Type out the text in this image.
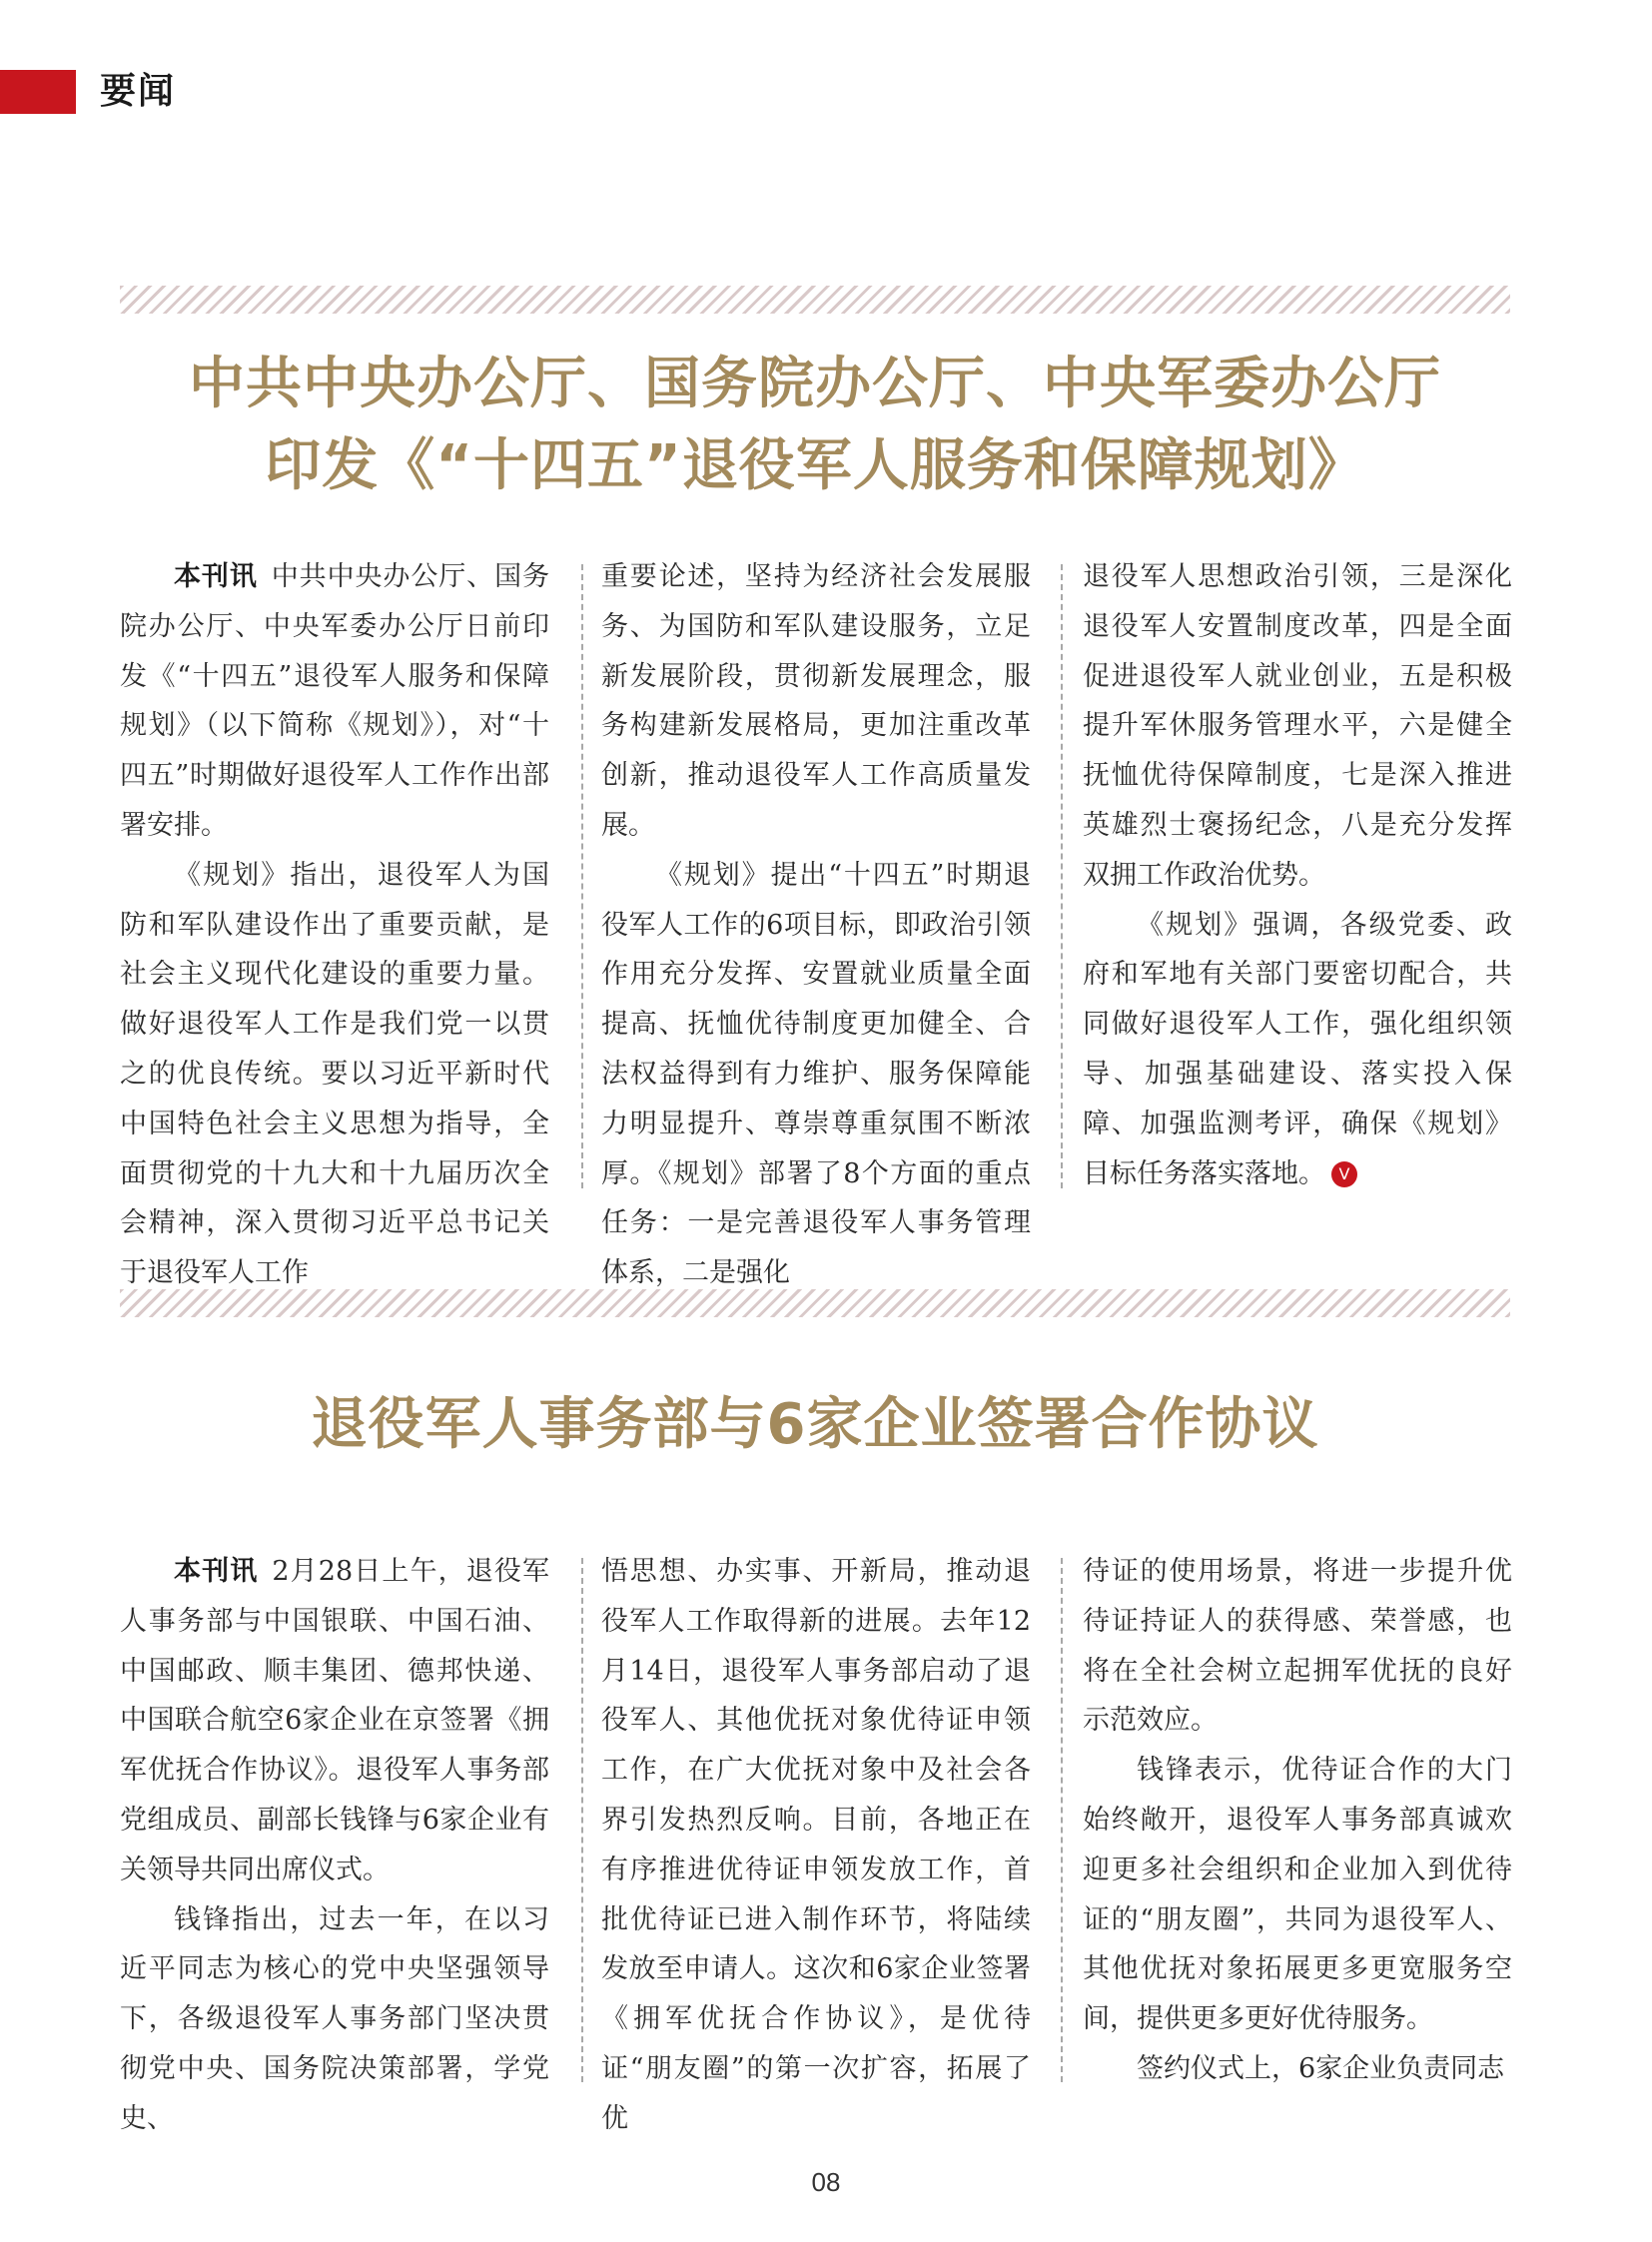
要闻
中共中央办公厅、国务院办公厅、中央军委办公厅
印发《“十四五”退役军人服务和保障规划》

本刊讯 中共中央办公厅、国务院办公厅、中央军委办公厅日前印发《“十四五”退役军人服务和保障规划》（以下简称《规划》），对“十四五”时期做好退役军人工作作出部署安排。

《规划》指出，退役军人为国防和军队建设作出了重要贡献，是社会主义现代化建设的重要力量。做好退役军人工作是我们党一以贯之的优良传统。要以习近平新时代中国特色社会主义思想为指导，全面贯彻党的十九大和十九届历次全会精神，深入贯彻习近平总书记关于退役军人工作

重要论述，坚持为经济社会发展服务、为国防和军队建设服务，立足新发展阶段，贯彻新发展理念，服务构建新发展格局，更加注重改革创新，推动退役军人工作高质量发展。

《规划》提出“十四五”时期退役军人工作的6项目标，即政治引领作用充分发挥、安置就业质量全面提高、抚恤优待制度更加健全、合法权益得到有力维护、服务保障能力明显提升、尊崇尊重氛围不断浓厚。《规划》部署了8个方面的重点任务：一是完善退役军人事务管理体系，二是强化

退役军人思想政治引领，三是深化退役军人安置制度改革，四是全面促进退役军人就业创业，五是积极提升军休服务管理水平，六是健全抚恤优待保障制度，七是深入推进英雄烈士褒扬纪念，八是充分发挥双拥工作政治优势。

《规划》强调，各级党委、政府和军地有关部门要密切配合，共同做好退役军人工作，强化组织领导、加强基础建设、落实投入保障、加强监测考评，确保《规划》目标任务落实落地。 V

退役军人事务部与6家企业签署合作协议

本刊讯 2月28日上午，退役军人事务部与中国银联、中国石油、中国邮政、顺丰集团、德邦快递、中国联合航空6家企业在京签署《拥军优抚合作协议》。退役军人事务部党组成员、副部长钱锋与6家企业有关领导共同出席仪式。

钱锋指出，过去一年，在以习近平同志为核心的党中央坚强领导下，各级退役军人事务部门坚决贯彻党中央、国务院决策部署，学党史、

悟思想、办实事、开新局，推动退役军人工作取得新的进展。去年12月14日，退役军人事务部启动了退役军人、其他优抚对象优待证申领工作，在广大优抚对象中及社会各界引发热烈反响。目前，各地正在有序推进优待证申领发放工作，首批优待证已进入制作环节，将陆续发放至申请人。这次和6家企业签署《拥军优抚合作协议》，是优待证“朋友圈”的第一次扩容，拓展了优

待证的使用场景，将进一步提升优待证持证人的获得感、荣誉感，也将在全社会树立起拥军优抚的良好示范效应。

钱锋表示，优待证合作的大门始终敞开，退役军人事务部真诚欢迎更多社会组织和企业加入到优待证的“朋友圈”，共同为退役军人、其他优抚对象拓展更多更宽服务空间，提供更多更好优待服务。

签约仪式上，6家企业负责同志

08
